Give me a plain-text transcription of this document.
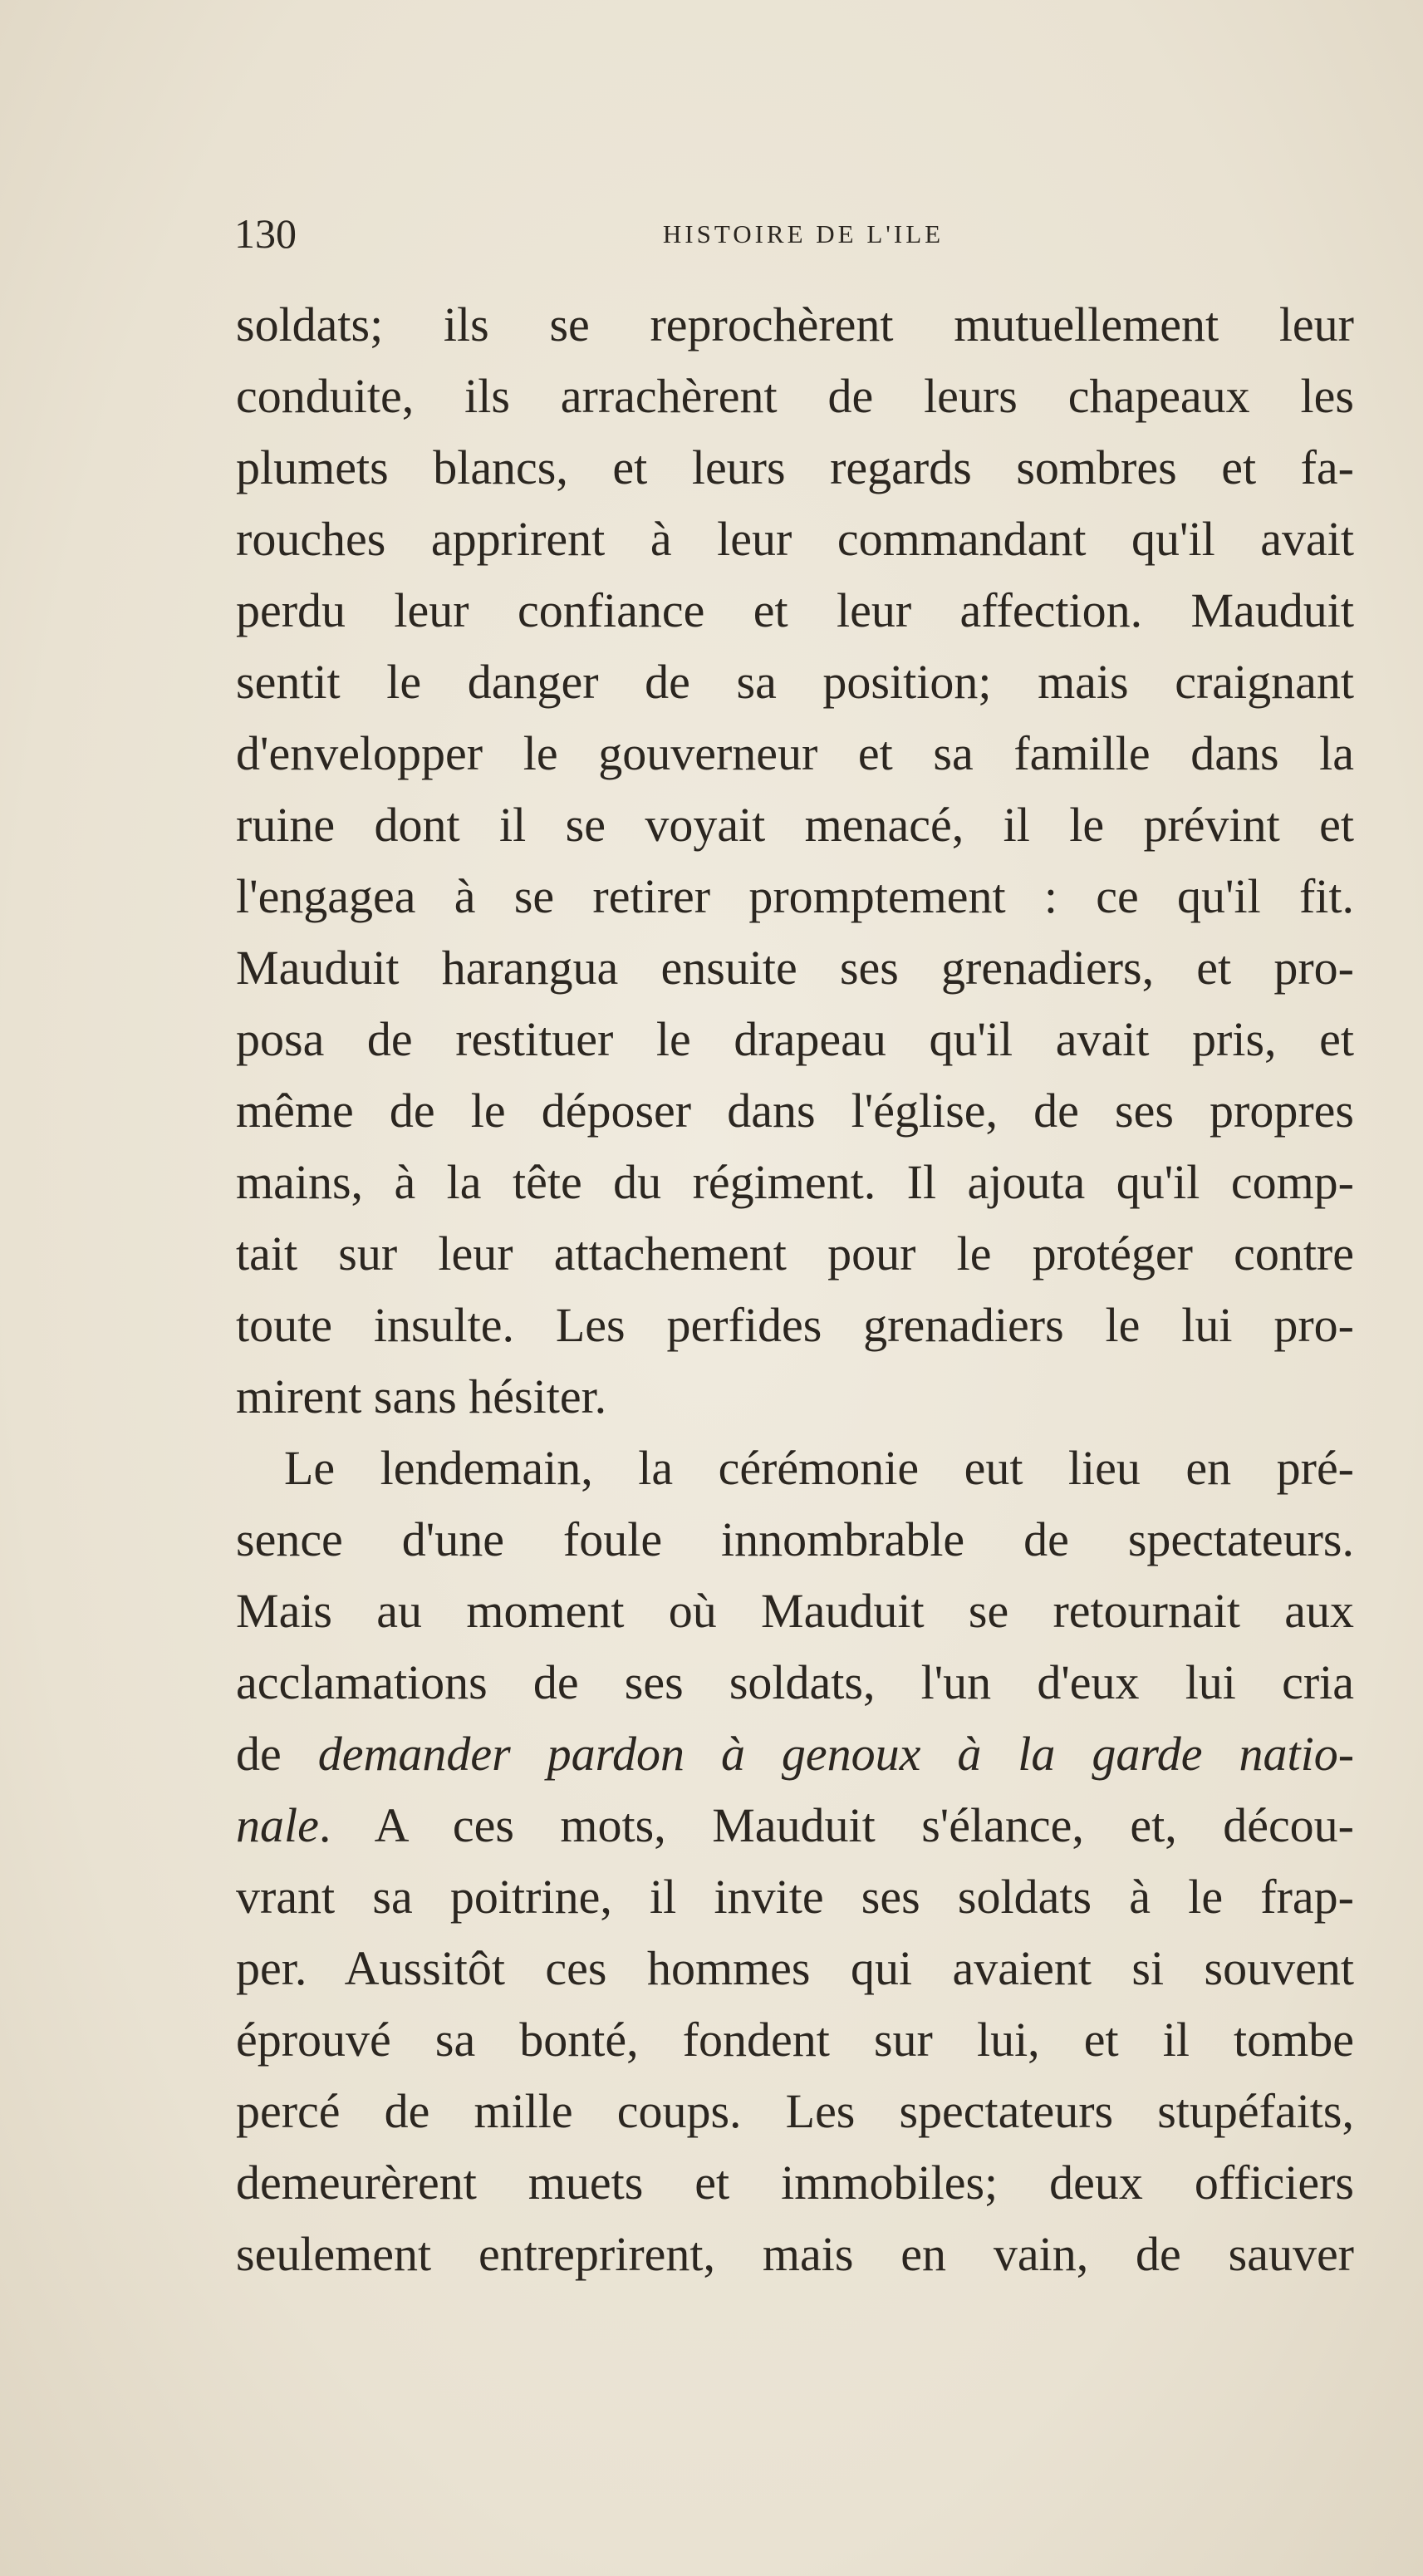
130	HISTOIRE DE L'ILE
soldats; ils se reprochèrent mutuellement leur
conduite, ils arrachèrent de leurs chapeaux les
plumets blancs, et leurs regards sombres et fa-
rouches apprirent à leur commandant qu'il avait
perdu leur confiance et leur affection. Mauduit
sentit le danger de sa position; mais craignant
d'envelopper le gouverneur et sa famille dans la
ruine dont il se voyait menacé, il le prévint et
l'engagea à se retirer promptement : ce qu'il fit.
Mauduit harangua ensuite ses grenadiers, et pro-
posa de restituer le drapeau qu'il avait pris, et
même de le déposer dans l'église, de ses propres
mains, à la tête du régiment. Il ajouta qu'il comp-
tait sur leur attachement pour le protéger contre
toute insulte. Les perfides grenadiers le lui pro-
mirent sans hésiter.
Le lendemain, la cérémonie eut lieu en pré-
sence d'une foule innombrable de spectateurs.
Mais au moment où Mauduit se retournait aux
acclamations de ses soldats, l'un d'eux lui cria
de demander pardon à genoux à la garde natio-
nale. A ces mots, Mauduit s'élance, et, décou-
vrant sa poitrine, il invite ses soldats à le frap-
per. Aussitôt ces hommes qui avaient si souvent
éprouvé sa bonté, fondent sur lui, et il tombe
percé de mille coups. Les spectateurs stupéfaits,
demeurèrent muets et immobiles; deux officiers
seulement entreprirent, mais en vain, de sauver
